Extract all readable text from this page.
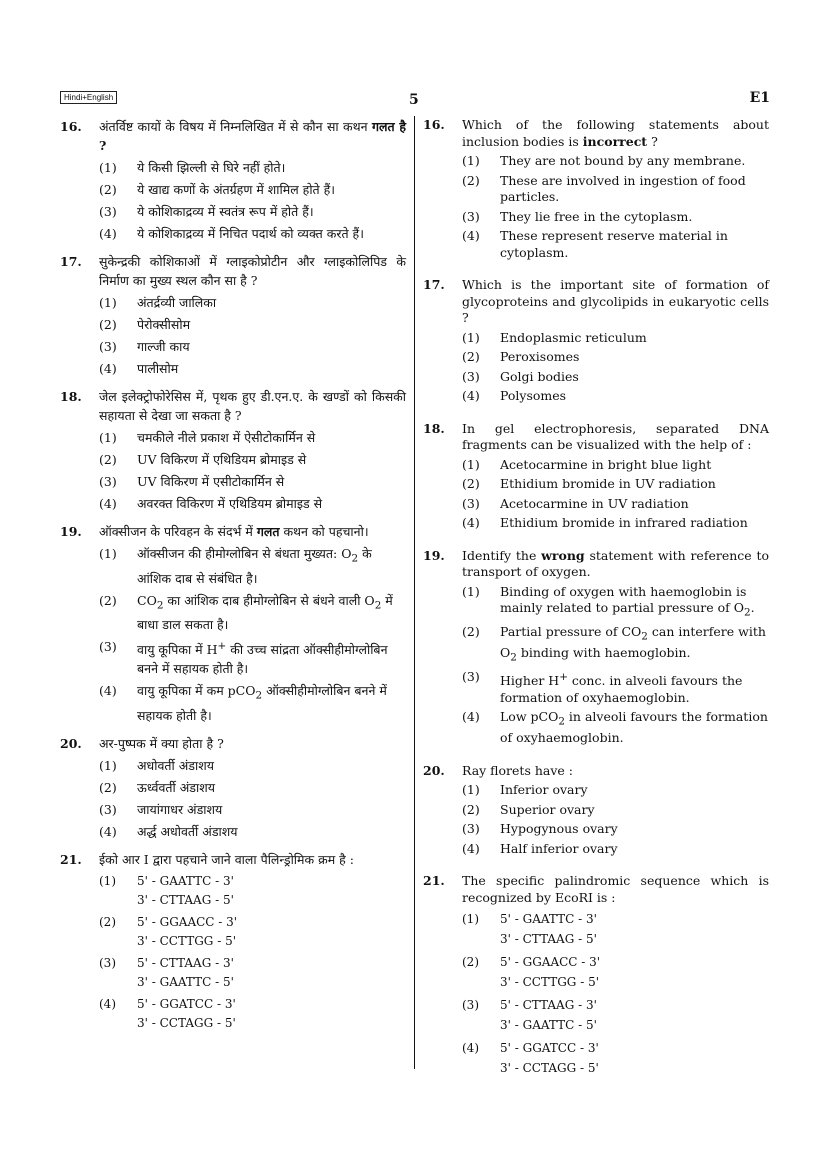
Hindi+English	5	E1
16. अंतर्विष्ट कायों के विषय में निम्नलिखित में से कौन सा कथन गलत है ?
(1) ये किसी झिल्ली से घिरे नहीं होते।
(2) ये खाद्य कणों के अंतर्ग्रहण में शामिल होते हैं।
(3) ये कोशिकाद्रव्य में स्वतंत्र रूप में होते हैं।
(4) ये कोशिकाद्रव्य में निचित पदार्थ को व्यक्त करते हैं।
17. सुकेन्द्रकी कोशिकाओं में ग्लाइकोप्रोटीन और ग्लाइकोलिपिड के निर्माण का मुख्य स्थल कौन सा है ?
(1) अंतर्द्रव्यी जालिका
(2) पेरोक्सीसोम
(3) गाल्जी काय
(4) पालीसोम
18. जेल इलेक्ट्रोफोरेसिस में, पृथक हुए डी.एन.ए. के खण्डों को किसकी सहायता से देखा जा सकता है ?
(1) चमकीले नीले प्रकाश में ऐसीटोकार्मिन से
(2) UV विकिरण में एथिडियम ब्रोमाइड से
(3) UV विकिरण में एसीटोकार्मिन से
(4) अवरक्त विकिरण में एथिडियम ब्रोमाइड से
19. ऑक्सीजन के परिवहन के संदर्भ में गलत कथन को पहचानो।
(1) ऑक्सीजन की हीमोग्लोबिन से बंधता मुख्यत: $O_2$ के आंशिक दाब से संबंधित है।
(2) $CO_2$ का आंशिक दाब हीमोग्लोबिन से बंधने वाली $O_2$ में बाधा डाल सकता है।
(3) वायु कूपिका में H+ की उच्च सांद्रता ऑक्सीहीमोग्लोबिन बनने में सहायक होती है।
(4) वायु कूपिका में कम pCO$_2$ ऑक्सीहीमोग्लोबिन बनने में सहायक होती है।
20. अर-पुष्पक में क्या होता है ?
(1) अधोवर्ती अंडाशय
(2) ऊर्ध्ववर्ती अंडाशय
(3) जायांगाधर अंडाशय
(4) अर्द्ध अधोवर्ती अंडाशय
21. ईको आर I द्वारा पहचाने जाने वाला पैलिन्ड्रोमिक क्रम है :
(1) 5' - GAATTC - 3'
3' - CTTAAG - 5'
(2) 5' - GGAACC - 3'
3' - CCTTGG - 5'
(3) 5' - CTTAAG - 3'
3' - GAATTC - 5'
(4) 5' - GGATCC - 3'
3' - CCTAGG - 5'
16. Which of the following statements about inclusion bodies is incorrect ?
(1) They are not bound by any membrane.
(2) These are involved in ingestion of food particles.
(3) They lie free in the cytoplasm.
(4) These represent reserve material in cytoplasm.
17. Which is the important site of formation of glycoproteins and glycolipids in eukaryotic cells ?
(1) Endoplasmic reticulum
(2) Peroxisomes
(3) Golgi bodies
(4) Polysomes
18. In gel electrophoresis, separated DNA fragments can be visualized with the help of :
(1) Acetocarmine in bright blue light
(2) Ethidium bromide in UV radiation
(3) Acetocarmine in UV radiation
(4) Ethidium bromide in infrared radiation
19. Identify the wrong statement with reference to transport of oxygen.
(1) Binding of oxygen with haemoglobin is mainly related to partial pressure of $O_2$.
(2) Partial pressure of $CO_2$ can interfere with $O_2$ binding with haemoglobin.
(3) Higher H+ conc. in alveoli favours the formation of oxyhaemoglobin.
(4) Low pCO$_2$ in alveoli favours the formation of oxyhaemoglobin.
20. Ray florets have :
(1) Inferior ovary
(2) Superior ovary
(3) Hypogynous ovary
(4) Half inferior ovary
21. The specific palindromic sequence which is recognized by EcoRI is :
(1) 5' - GAATTC - 3'
3' - CTTAAG - 5'
(2) 5' - GGAACC - 3'
3' - CCTTGG - 5'
(3) 5' - CTTAAG - 3'
3' - GAATTC - 5'
(4) 5' - GGATCC - 3'
3' - CCTAGG - 5'
